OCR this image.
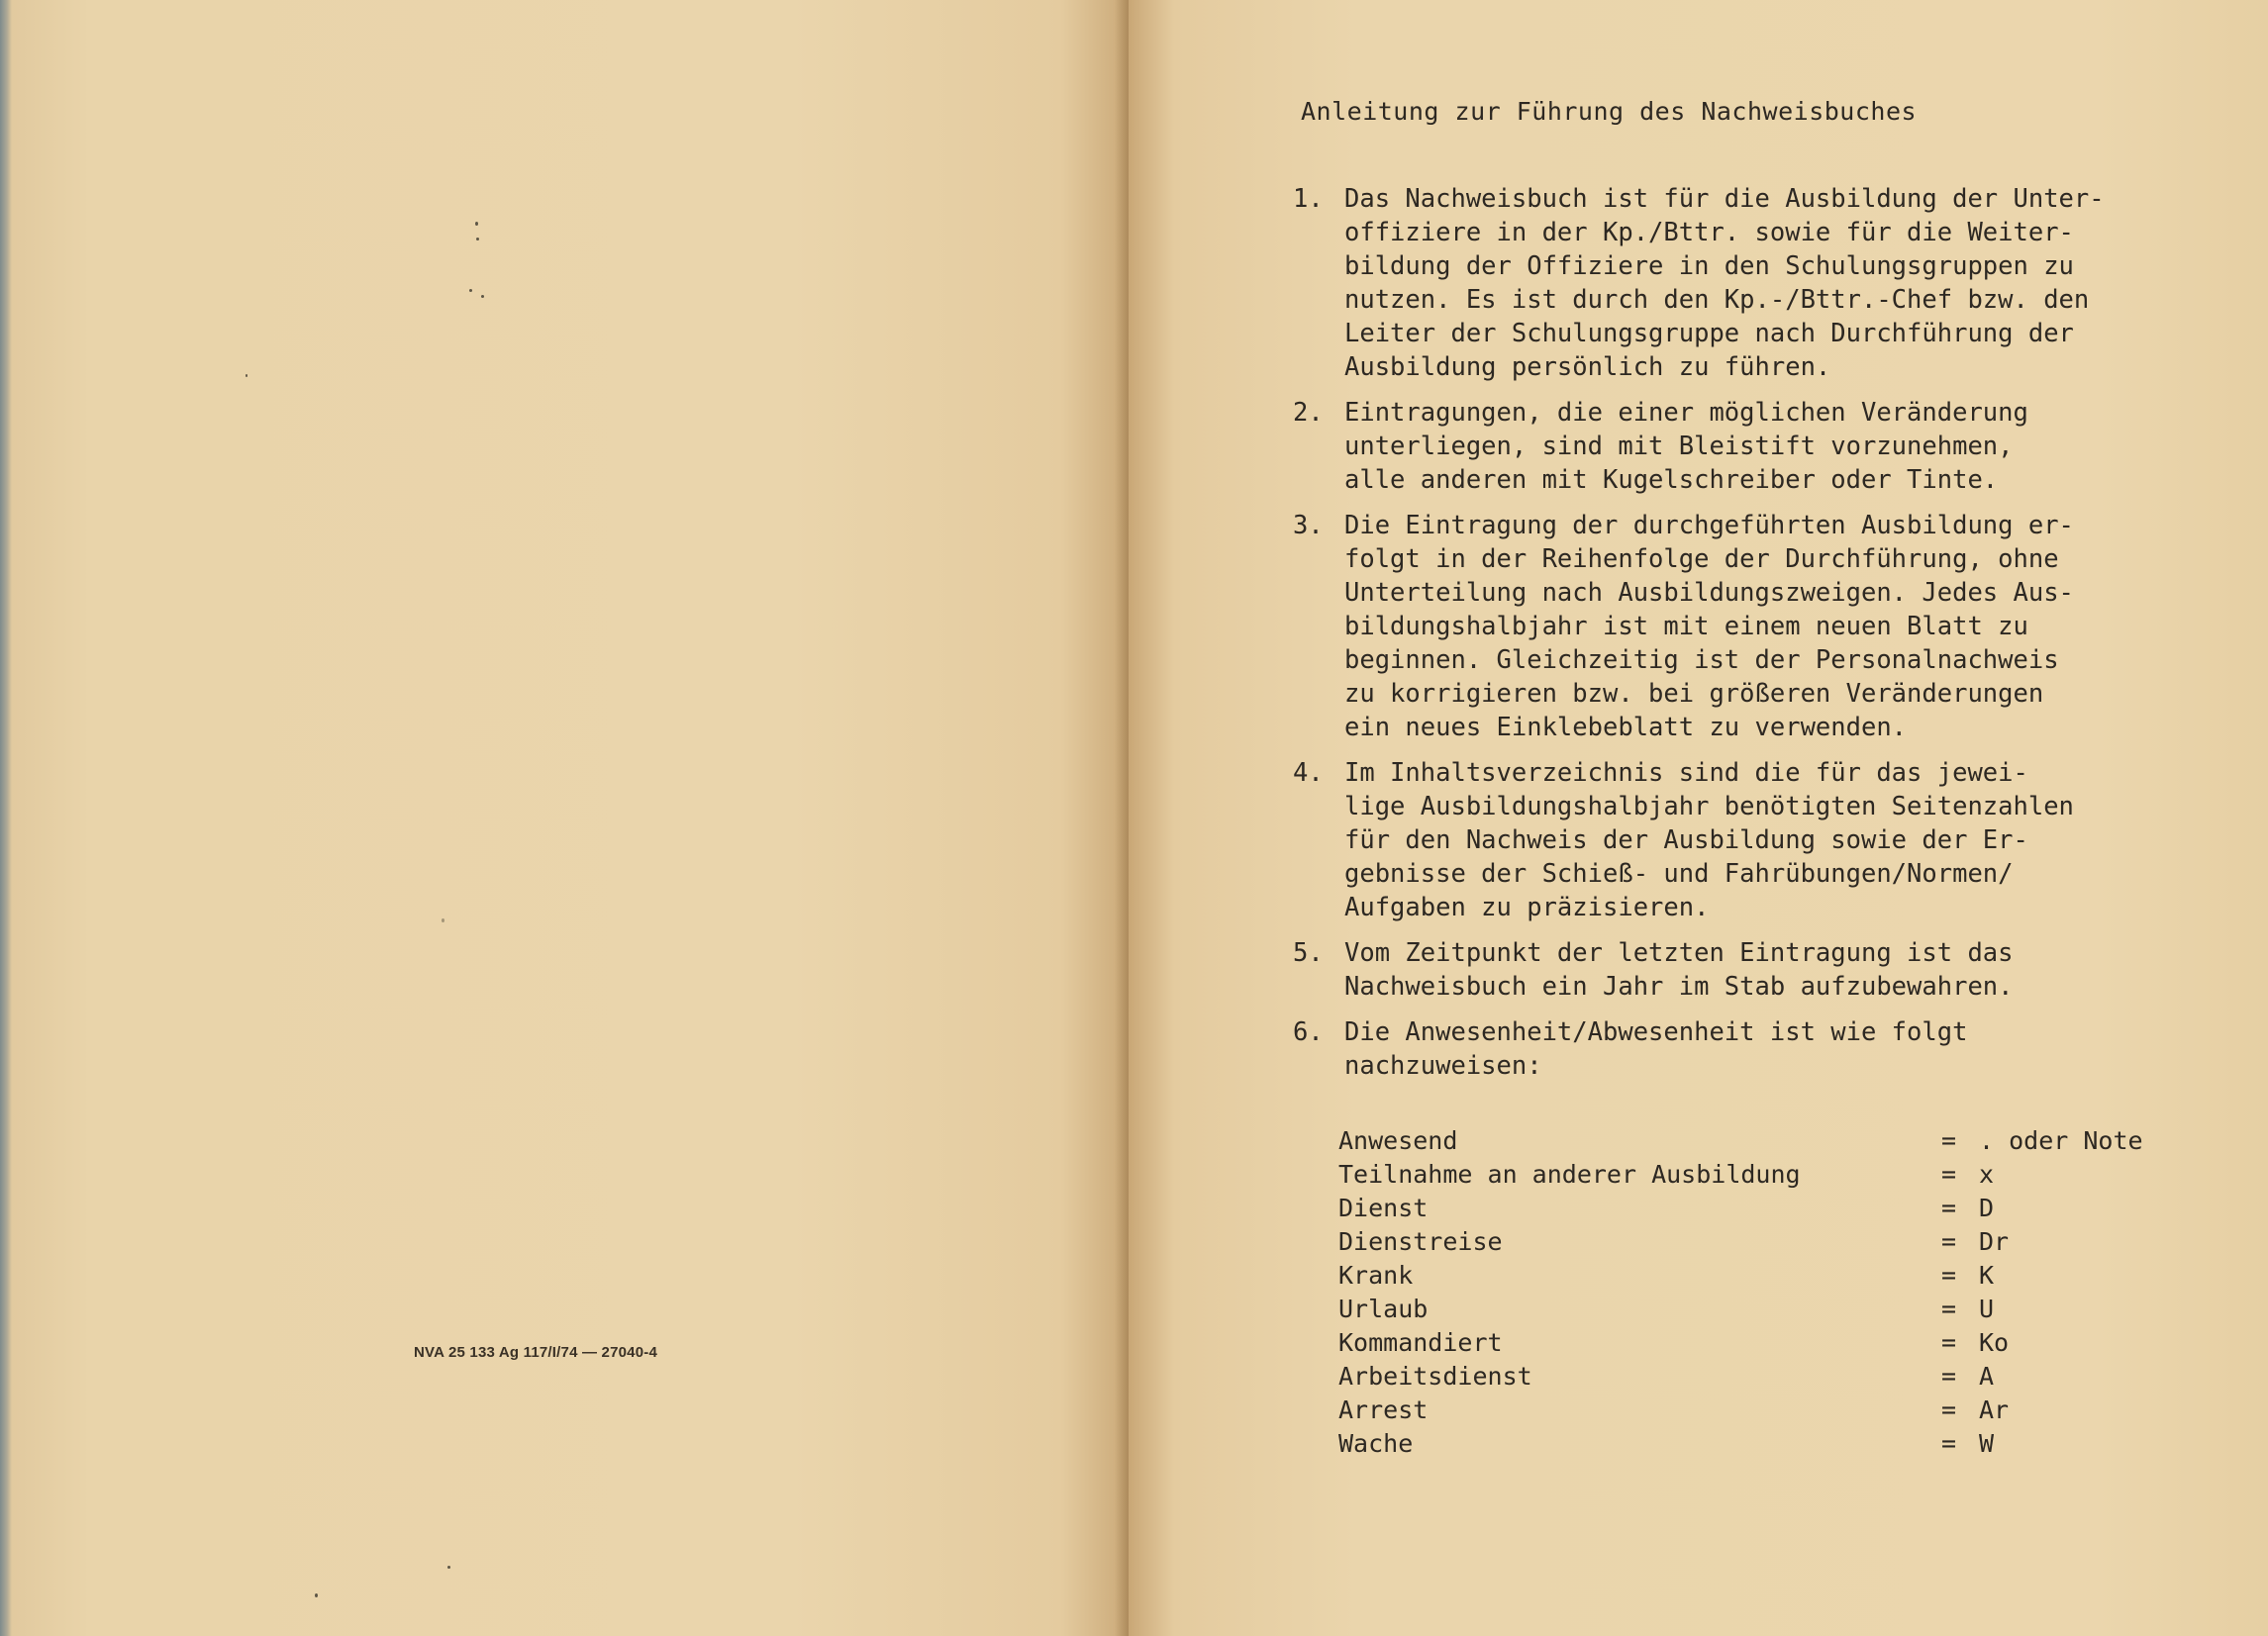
NVA 25 133 Ag 117/I/74 — 27040-4
Anleitung zur Führung des Nachweisbuches
1. Das Nachweisbuch ist für die Ausbildung der Unter-
offiziere in der Kp./Bttr. sowie für die Weiter-
bildung der Offiziere in den Schulungsgruppen zu
nutzen. Es ist durch den Kp.-/Bttr.-Chef bzw. den
Leiter der Schulungsgruppe nach Durchführung der
Ausbildung persönlich zu führen.
2. Eintragungen, die einer möglichen Veränderung
unterliegen, sind mit Bleistift vorzunehmen,
alle anderen mit Kugelschreiber oder Tinte.
3. Die Eintragung der durchgeführten Ausbildung er-
folgt in der Reihenfolge der Durchführung, ohne
Unterteilung nach Ausbildungszweigen. Jedes Aus-
bildungshalbjahr ist mit einem neuen Blatt zu
beginnen. Gleichzeitig ist der Personalnachweis
zu korrigieren bzw. bei größeren Veränderungen
ein neues Einklebeblatt zu verwenden.
4. Im Inhaltsverzeichnis sind die für das jewei-
lige Ausbildungshalbjahr benötigten Seitenzahlen
für den Nachweis der Ausbildung sowie der Er-
gebnisse der Schieß- und Fahrübungen/Normen/
Aufgaben zu präzisieren.
5. Vom Zeitpunkt der letzten Eintragung ist das
Nachweisbuch ein Jahr im Stab aufzubewahren.
6. Die Anwesenheit/Abwesenheit ist wie folgt
nachzuweisen:
Anwesend	= . oder Note
Teilnahme an anderer Ausbildung	= x
Dienst	= D
Dienstreise	= Dr
Krank	= K
Urlaub	= U
Kommandiert	= Ko
Arbeitsdienst	= A
Arrest	= Ar
Wache	= W
